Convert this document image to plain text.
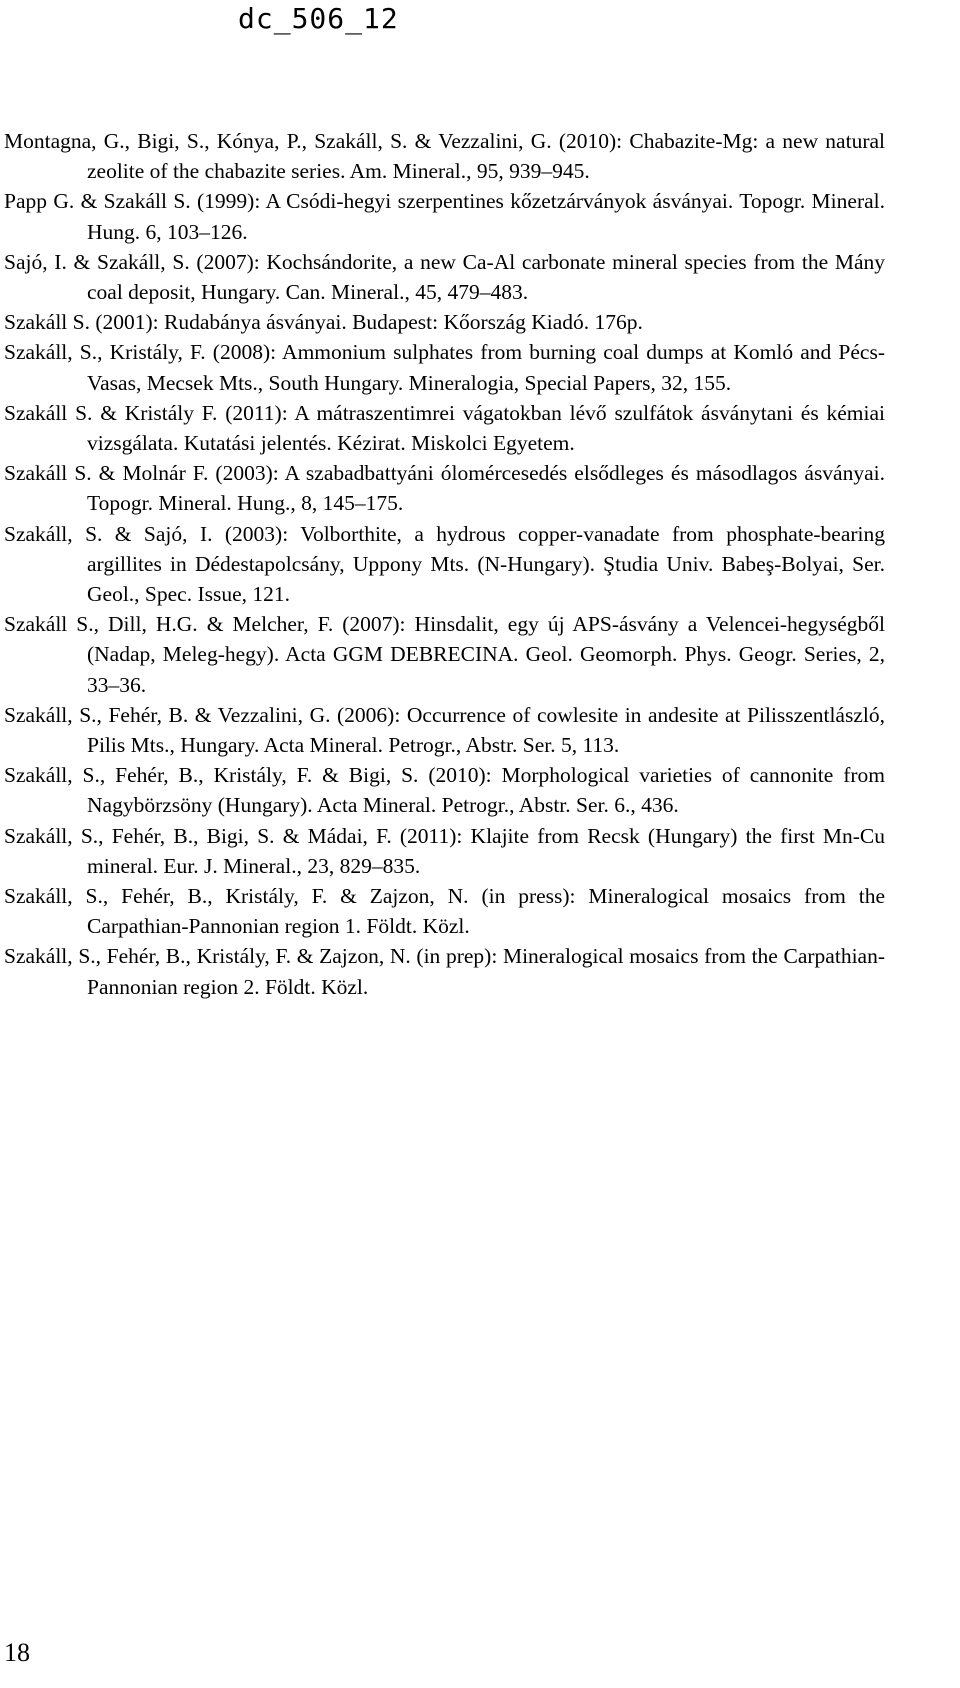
dc_506_12
Montagna, G., Bigi, S., Kónya, P., Szakáll, S. & Vezzalini, G. (2010): Chabazite-Mg: a new natural zeolite of the chabazite series. Am. Mineral., 95, 939–945.
Papp G. & Szakáll S. (1999): A Csódi-hegyi szerpentines kőzetzárványok ásványai. Topogr. Mineral. Hung. 6, 103–126.
Sajó, I. & Szakáll, S. (2007): Kochsándorite, a new Ca-Al carbonate mineral species from the Mány coal deposit, Hungary. Can. Mineral., 45, 479–483.
Szakáll S. (2001): Rudabánya ásványai. Budapest: Kőország Kiadó. 176p.
Szakáll, S., Kristály, F. (2008): Ammonium sulphates from burning coal dumps at Komló and Pécs-Vasas, Mecsek Mts., South Hungary. Mineralogia, Special Papers, 32, 155.
Szakáll S. & Kristály F. (2011): A mátraszentimrei vágatokban lévő szulfátok ásványtani és kémiai vizsgálata. Kutatási jelentés. Kézirat. Miskolci Egyetem.
Szakáll S. & Molnár F. (2003): A szabadbattyáni ólomércesedés elsődleges és másodlagos ásványai. Topogr. Mineral. Hung., 8, 145–175.
Szakáll, S. & Sajó, I. (2003): Volborthite, a hydrous copper-vanadate from phosphate-bearing argillites in Dédestapolcsány, Uppony Mts. (N-Hungary). Ştudia Univ. Babeş-Bolyai, Ser. Geol., Spec. Issue, 121.
Szakáll S., Dill, H.G. & Melcher, F. (2007): Hinsdalit, egy új APS-ásvány a Velencei-hegységből (Nadap, Meleg-hegy). Acta GGM DEBRECINA. Geol. Geomorph. Phys. Geogr. Series, 2, 33–36.
Szakáll, S., Fehér, B. & Vezzalini, G. (2006): Occurrence of cowlesite in andesite at Pilisszentlászló, Pilis Mts., Hungary. Acta Mineral. Petrogr., Abstr. Ser. 5, 113.
Szakáll, S., Fehér, B., Kristály, F. & Bigi, S. (2010): Morphological varieties of cannonite from Nagybörzsöny (Hungary). Acta Mineral. Petrogr., Abstr. Ser. 6., 436.
Szakáll, S., Fehér, B., Bigi, S. & Mádai, F. (2011): Klajite from Recsk (Hungary) the first Mn-Cu mineral. Eur. J. Mineral., 23, 829–835.
Szakáll, S., Fehér, B., Kristály, F. & Zajzon, N. (in press): Mineralogical mosaics from the Carpathian-Pannonian region 1. Földt. Közl.
Szakáll, S., Fehér, B., Kristály, F. & Zajzon, N. (in prep): Mineralogical mosaics from the Carpathian-Pannonian region 2. Földt. Közl.
18
